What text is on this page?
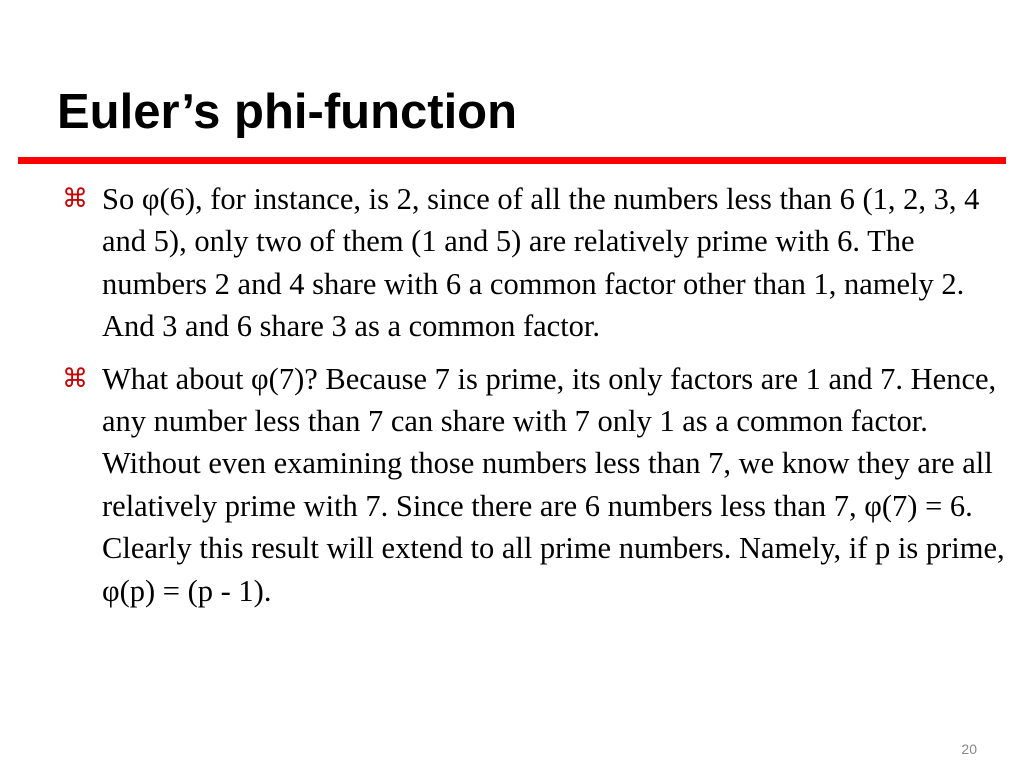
Euler’s phi-function
⌘ So φ(6), for instance, is 2, since of all the numbers less than 6 (1, 2, 3, 4 and 5), only two of them (1 and 5) are relatively prime with 6. The numbers 2 and 4 share with 6 a common factor other than 1, namely 2. And 3 and 6 share 3 as a common factor.
⌘ What about φ(7)? Because 7 is prime, its only factors are 1 and 7. Hence, any number less than 7 can share with 7 only 1 as a common factor. Without even examining those numbers less than 7, we know they are all relatively prime with 7. Since there are 6 numbers less than 7, φ(7) = 6. Clearly this result will extend to all prime numbers. Namely, if p is prime, φ(p) = (p - 1).
20
